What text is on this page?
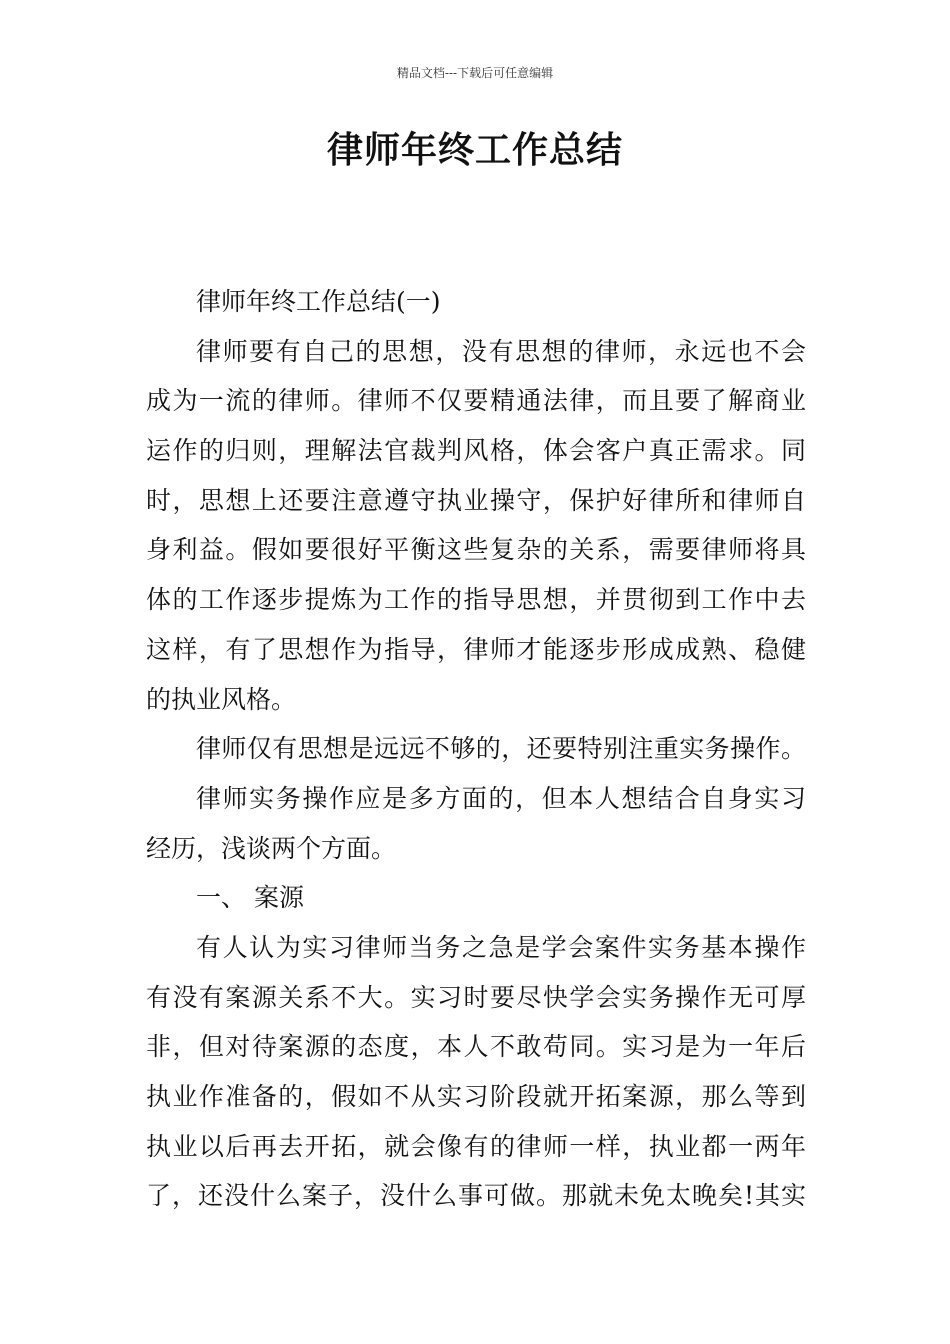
精品文档---下载后可任意编辑
律师年终工作总结
律师年终工作总结(一)
律师要有自己的思想，没有思想的律师，永远也不会
成为一流的律师。律师不仅要精通法律，而且要了解商业
运作的归则，理解法官裁判风格，体会客户真正需求。同
时，思想上还要注意遵守执业操守，保护好律所和律师自
身利益。假如要很好平衡这些复杂的关系，需要律师将具
体的工作逐步提炼为工作的指导思想，并贯彻到工作中去
这样，有了思想作为指导，律师才能逐步形成成熟、稳健
的执业风格。
律师仅有思想是远远不够的，还要特别注重实务操作。
律师实务操作应是多方面的，但本人想结合自身实习
经历，浅谈两个方面。
一、 案源
有人认为实习律师当务之急是学会案件实务基本操作
有没有案源关系不大。实习时要尽快学会实务操作无可厚
非，但对待案源的态度，本人不敢苟同。实习是为一年后
执业作准备的，假如不从实习阶段就开拓案源，那么等到
执业以后再去开拓，就会像有的律师一样，执业都一两年
了，还没什么案子，没什么事可做。那就未免太晚矣!其实
